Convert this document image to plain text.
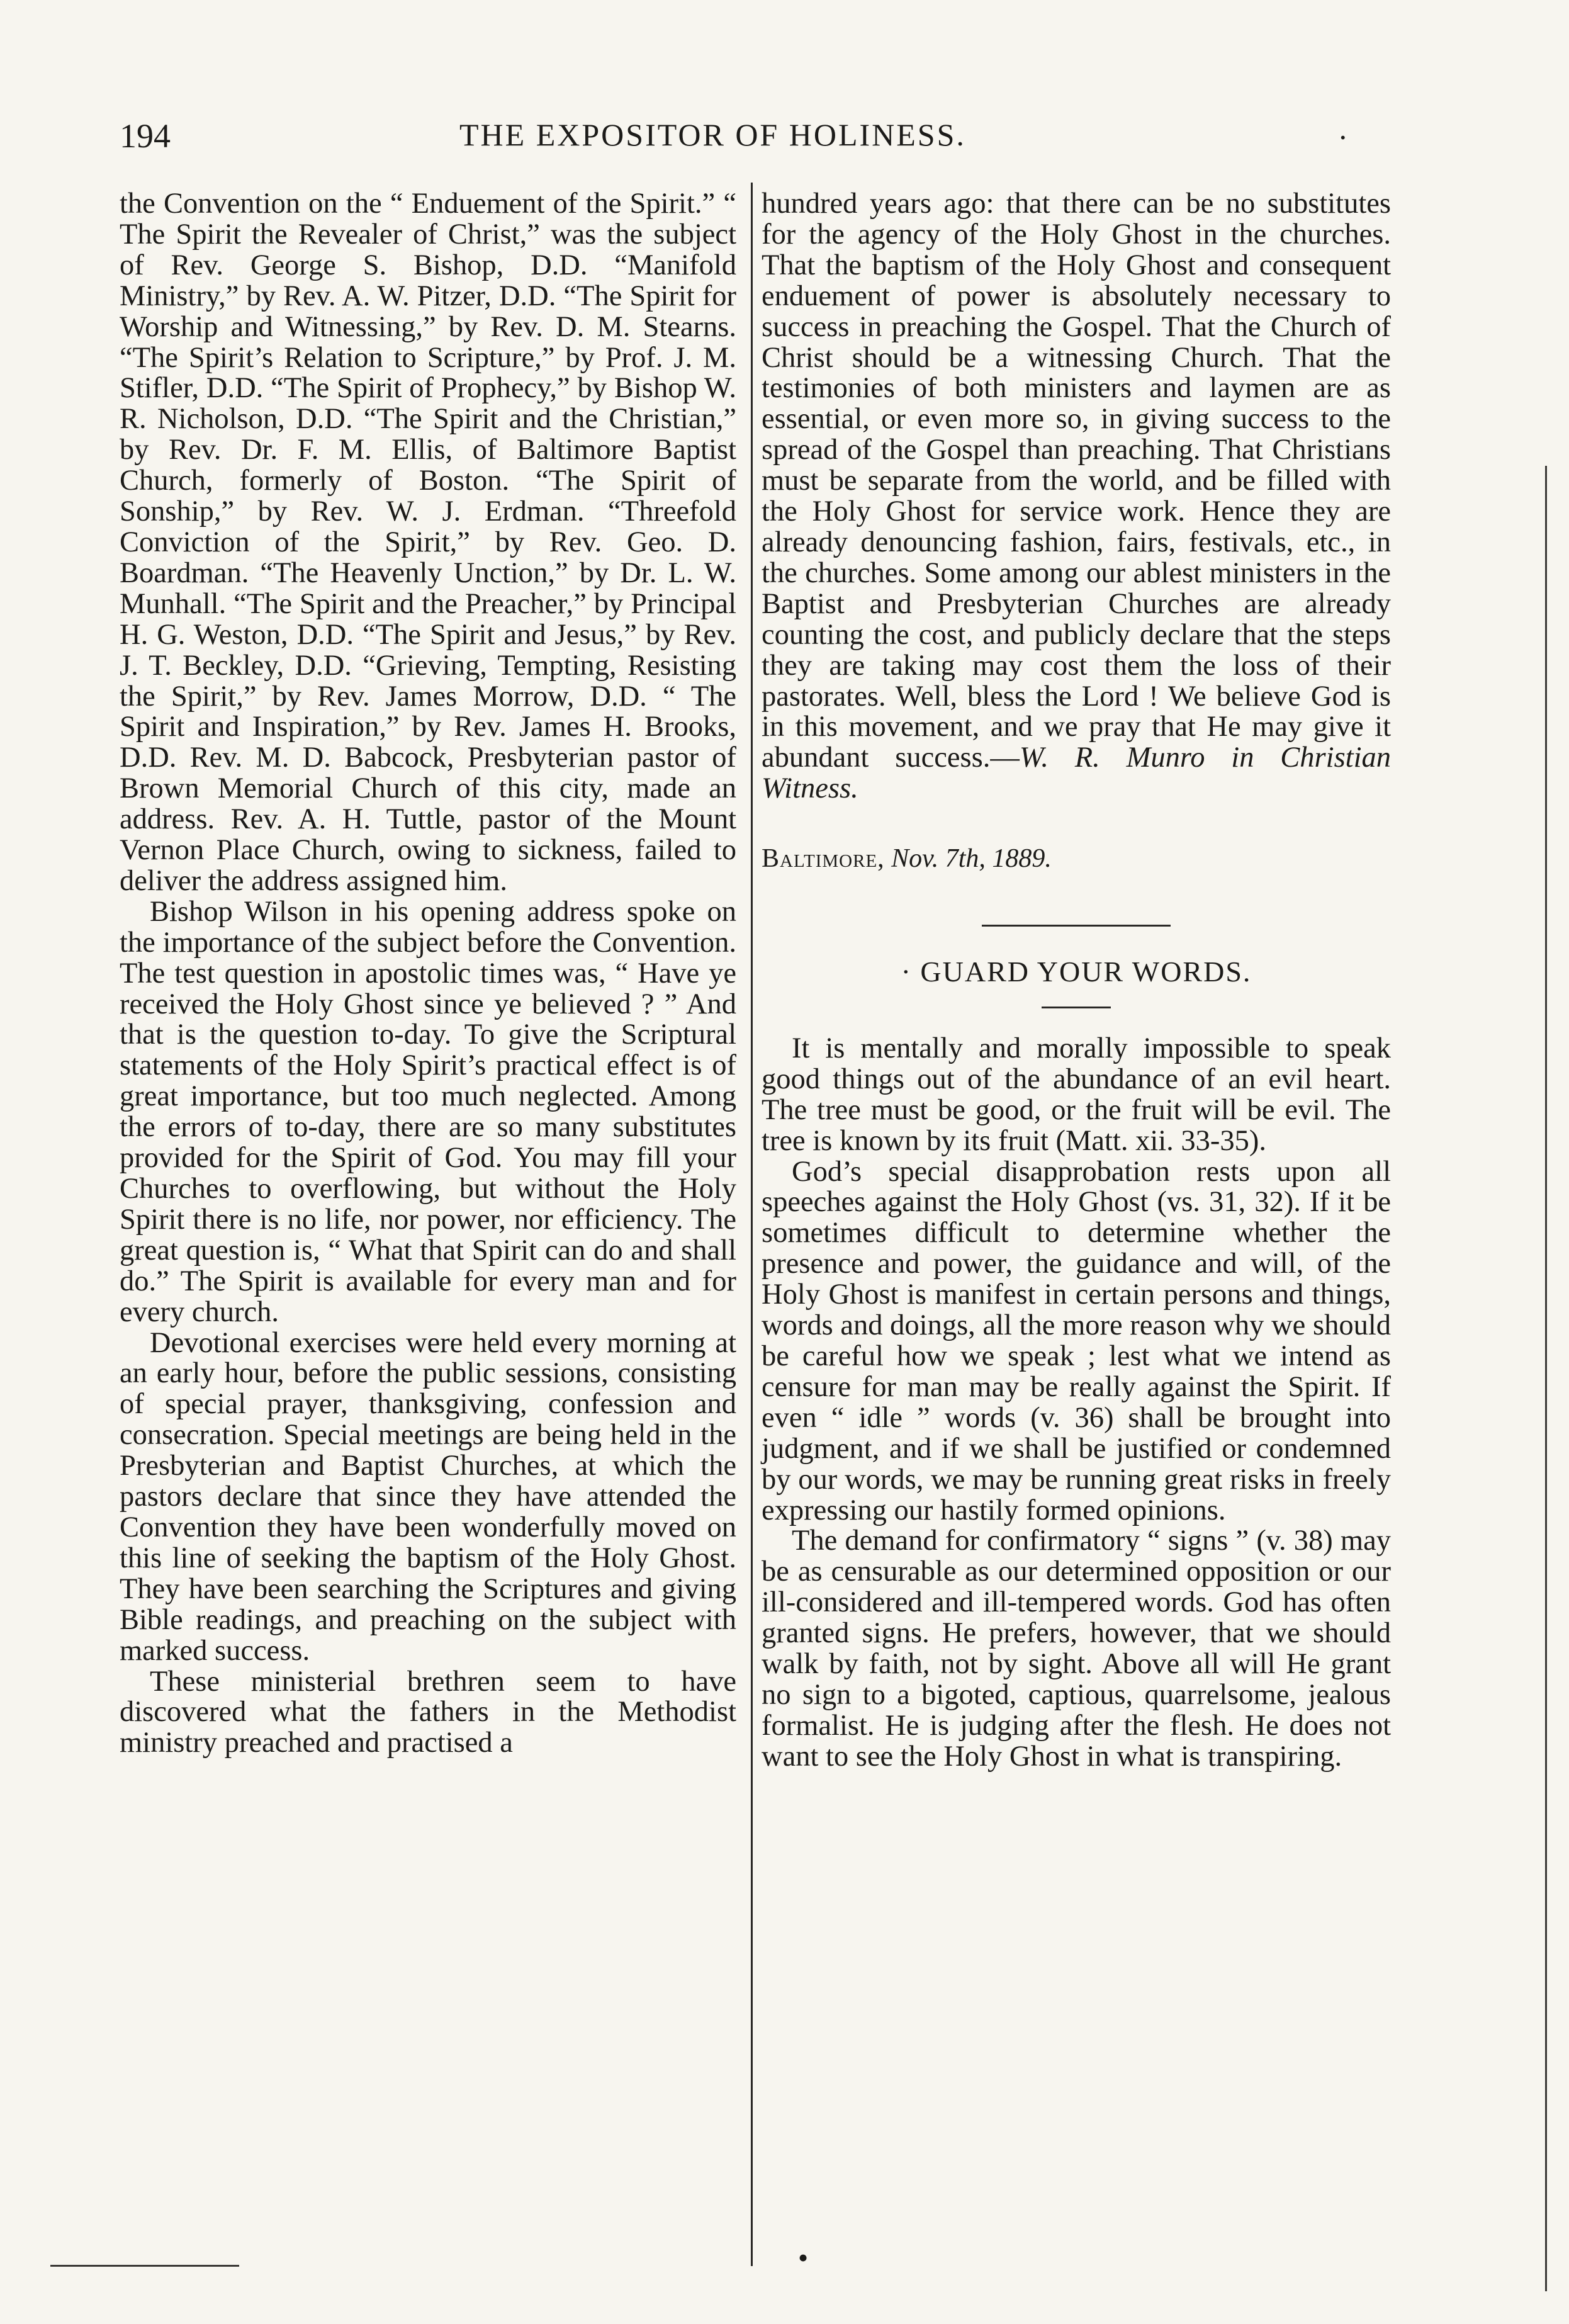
194	THE EXPOSITOR OF HOLINESS.	.

the Convention on the “ Enduement of the Spirit.” “ The Spirit the Revealer of Christ,” was the subject of Rev. George S. Bishop, D.D. “Manifold Ministry,” by Rev. A. W. Pitzer, D.D. “The Spirit for Worship and Witnessing,” by Rev. D. M. Stearns. “The Spirit’s Relation to Scripture,” by Prof. J. M. Stifler, D.D. “The Spirit of Prophecy,” by Bishop W. R. Nicholson, D.D. “The Spirit and the Christian,” by Rev. Dr. F. M. Ellis, of Baltimore Baptist Church, formerly of Boston. “The Spirit of Sonship,” by Rev. W. J. Erdman. “Threefold Conviction of the Spirit,” by Rev. Geo. D. Boardman. “The Heavenly Unction,” by Dr. L. W. Munhall. “The Spirit and the Preacher,” by Principal H. G. Weston, D.D. “The Spirit and Jesus,” by Rev. J. T. Beckley, D.D. “Grieving, Tempting, Resisting the Spirit,” by Rev. James Morrow, D.D. “ The Spirit and Inspiration,” by Rev. James H. Brooks, D.D. Rev. M. D. Babcock, Presbyterian pastor of Brown Memorial Church of this city, made an address. Rev. A. H. Tuttle, pastor of the Mount Vernon Place Church, owing to sickness, failed to deliver the address assigned him.

Bishop Wilson in his opening address spoke on the importance of the subject before the Convention. The test question in apostolic times was, “ Have ye received the Holy Ghost since ye believed ? ” And that is the question to-day. To give the Scriptural statements of the Holy Spirit’s practical effect is of great importance, but too much neglected. Among the errors of to-day, there are so many substitutes provided for the Spirit of God. You may fill your Churches to overflowing, but without the Holy Spirit there is no life, nor power, nor efficiency. The great question is, “ What that Spirit can do and shall do.” The Spirit is available for every man and for every church.

Devotional exercises were held every morning at an early hour, before the public sessions, consisting of special prayer, thanksgiving, confession and consecration. Special meetings are being held in the Presbyterian and Baptist Churches, at which the pastors declare that since they have attended the Convention they have been wonderfully moved on this line of seeking the baptism of the Holy Ghost. They have been searching the Scriptures and giving Bible readings, and preaching on the subject with marked success.

These ministerial brethren seem to have discovered what the fathers in the Methodist ministry preached and practised a

hundred years ago: that there can be no substitutes for the agency of the Holy Ghost in the churches. That the baptism of the Holy Ghost and consequent enduement of power is absolutely necessary to success in preaching the Gospel. That the Church of Christ should be a witnessing Church. That the testimonies of both ministers and laymen are as essential, or even more so, in giving success to the spread of the Gospel than preaching. That Christians must be separate from the world, and be filled with the Holy Ghost for service work. Hence they are already denouncing fashion, fairs, festivals, etc., in the churches. Some among our ablest ministers in the Baptist and Presbyterian Churches are already counting the cost, and publicly declare that the steps they are taking may cost them the loss of their pastorates. Well, bless the Lord ! We believe God is in this movement, and we pray that He may give it abundant success.—W. R. Munro in Christian Witness.

Baltimore, Nov. 7th, 1889.

· GUARD YOUR WORDS.

It is mentally and morally impossible to speak good things out of the abundance of an evil heart. The tree must be good, or the fruit will be evil. The tree is known by its fruit (Matt. xii. 33-35).

God’s special disapprobation rests upon all speeches against the Holy Ghost (vs. 31, 32). If it be sometimes difficult to determine whether the presence and power, the guidance and will, of the Holy Ghost is manifest in certain persons and things, words and doings, all the more reason why we should be careful how we speak ; lest what we intend as censure for man may be really against the Spirit. If even “ idle ” words (v. 36) shall be brought into judgment, and if we shall be justified or condemned by our words, we may be running great risks in freely expressing our hastily formed opinions.

The demand for confirmatory “ signs ” (v. 38) may be as censurable as our determined opposition or our ill-considered and ill-tempered words. God has often granted signs. He prefers, however, that we should walk by faith, not by sight. Above all will He grant no sign to a bigoted, captious, quarrelsome, jealous formalist. He is judging after the flesh. He does not want to see the Holy Ghost in what is transpiring.

•
